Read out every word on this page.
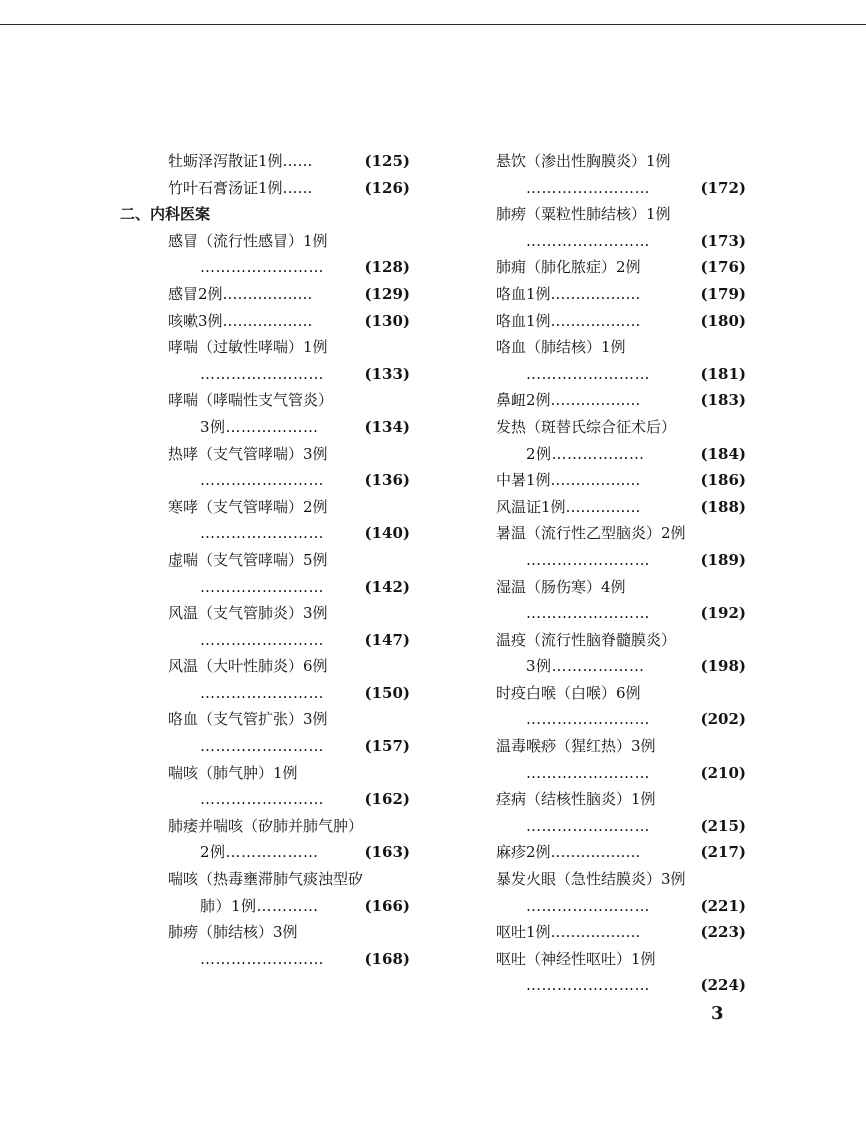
牡蛎泽泻散证1例……	(125)
竹叶石膏汤证1例……	(126)
二、内科医案
感冒（流行性感冒）1例
……………………	(128)
感冒2例………………	(129)
咳嗽3例………………	(130)
哮喘（过敏性哮喘）1例
……………………	(133)
哮喘（哮喘性支气管炎）
3例………………	(134)
热哮（支气管哮喘）3例
……………………	(136)
寒哮（支气管哮喘）2例
……………………	(140)
虚喘（支气管哮喘）5例
……………………	(142)
风温（支气管肺炎）3例
……………………	(147)
风温（大叶性肺炎）6例
……………………	(150)
咯血（支气管扩张）3例
……………………	(157)
喘咳（肺气肿）1例
……………………	(162)
肺痿并喘咳（矽肺并肺气肿）
2例………………	(163)
喘咳（热毒壅滞肺气痰浊型矽
肺）1例…………	(166)
肺痨（肺结核）3例
……………………	(168)
悬饮（渗出性胸膜炎）1例
……………………	(172)
肺痨（粟粒性肺结核）1例
……………………	(173)
肺痈（肺化脓症）2例	(176)
咯血1例………………	(179)
咯血1例………………	(180)
咯血（肺结核）1例
……………………	(181)
鼻衄2例………………	(183)
发热（斑替氏综合征术后）
2例………………	(184)
中暑1例………………	(186)
风温证1例……………	(188)
暑温（流行性乙型脑炎）2例
……………………	(189)
湿温（肠伤寒）4例
……………………	(192)
温疫（流行性脑脊髓膜炎）
3例………………	(198)
时疫白喉（白喉）6例
……………………	(202)
温毒喉痧（猩红热）3例
……………………	(210)
痉病（结核性脑炎）1例
……………………	(215)
麻疹2例………………	(217)
暴发火眼（急性结膜炎）3例
……………………	(221)
呕吐1例………………	(223)
呕吐（神经性呕吐）1例
……………………	(224)
3
